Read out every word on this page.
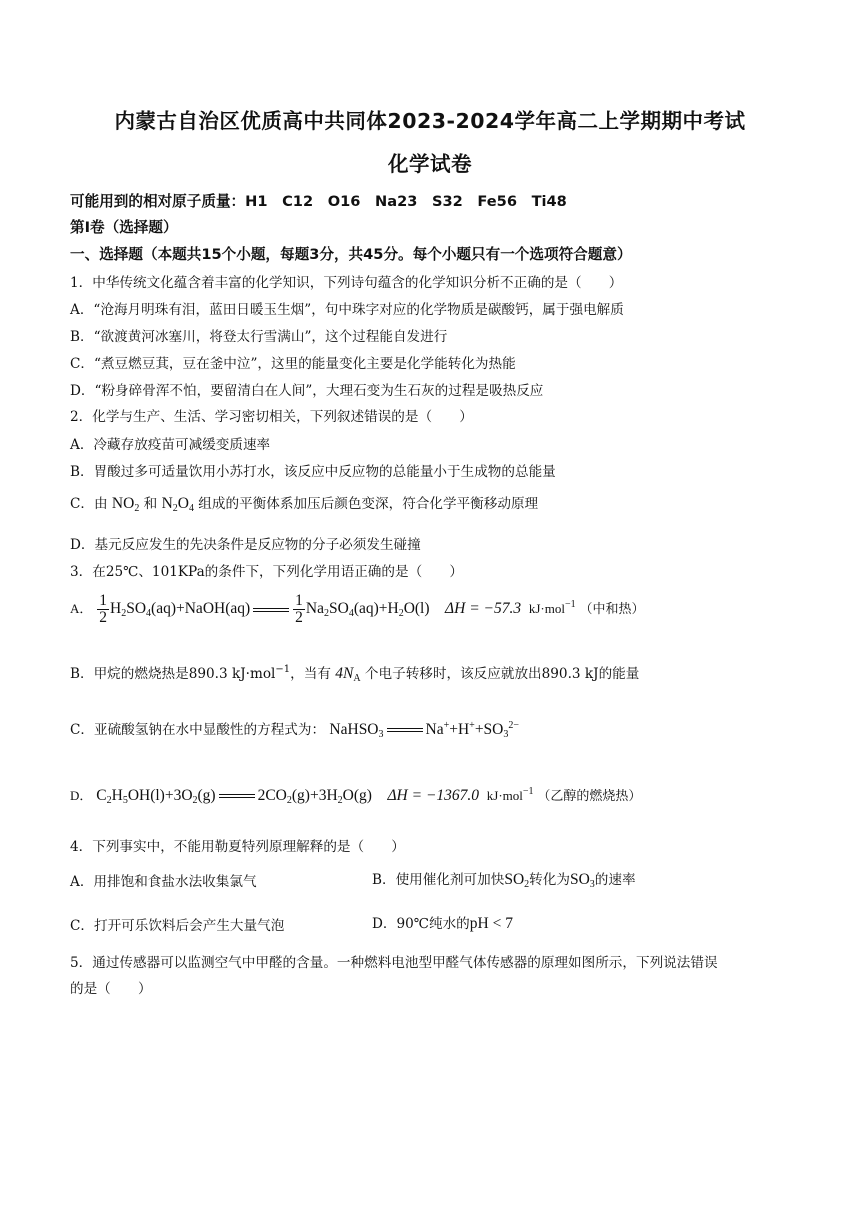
内蒙古自治区优质高中共同体2023-2024学年高二上学期期中考试
化学试卷
可能用到的相对原子质量：H1　C12　O16　Na23　S32　Fe56　Ti48
第Ⅰ卷（选择题）
一、选择题（本题共15个小题，每题3分，共45分。每个小题只有一个选项符合题意）
1．中华传统文化蕴含着丰富的化学知识，下列诗句蕴含的化学知识分析不正确的是（　　）
A．“沧海月明珠有泪，蓝田日暖玉生烟”，句中珠字对应的化学物质是碳酸钙，属于强电解质
B．“欲渡黄河冰塞川，将登太行雪满山”，这个过程能自发进行
C．“煮豆燃豆萁，豆在釜中泣”，这里的能量变化主要是化学能转化为热能
D．“粉身碎骨浑不怕，要留清白在人间”，大理石变为生石灰的过程是吸热反应
2．化学与生产、生活、学习密切相关，下列叙述错误的是（　　）
A．冷藏存放疫苗可减缓变质速率
B．胃酸过多可适量饮用小苏打水，该反应中反应物的总能量小于生成物的总能量
C．由 $NO_2$ 和 $N_2O_4$ 组成的平衡体系加压后颜色变深，符合化学平衡移动原理
D．基元反应发生的先决条件是反应物的分子必须发生碰撞
3．在25℃、101KPa的条件下，下列化学用语正确的是（　　）
A． $\frac{1}{2}$ $H_2SO_4(aq)+NaOH(aq)$	$\frac{1}{2} Na_2SO_4(aq)+H_2O(l)$    ΔH = −57.3 kJ·mol$^{-1}$ （中和热）
B．甲烷的燃烧热是890.3 kJ·mol$^{-1}$，当有 $4N_A$ 个电子转移时，该反应就放出890.3 kJ的能量
C．亚硫酸氢钠在水中显酸性的方程式为： NaHSO$_3$	$Na^++H^++SO_3^{2-}$
D． $C_2H_5OH(l)+3O_2(g)$	$2CO_2(g)+3H_2O(g)$    ΔH = −1367.0 kJ·mol$^{-1}$ （乙醇的燃烧热）
4．下列事实中，不能用勒夏特列原理解释的是（　　）
A．用排饱和食盐水法收集氯气	B．使用催化剂可加快$SO_2$转化为$SO_3$的速率
C．打开可乐饮料后会产生大量气泡	D．90℃纯水的pH < 7
5．通过传感器可以监测空气中甲醛的含量。一种燃料电池型甲醛气体传感器的原理如图所示，下列说法错误
的是（　　）
